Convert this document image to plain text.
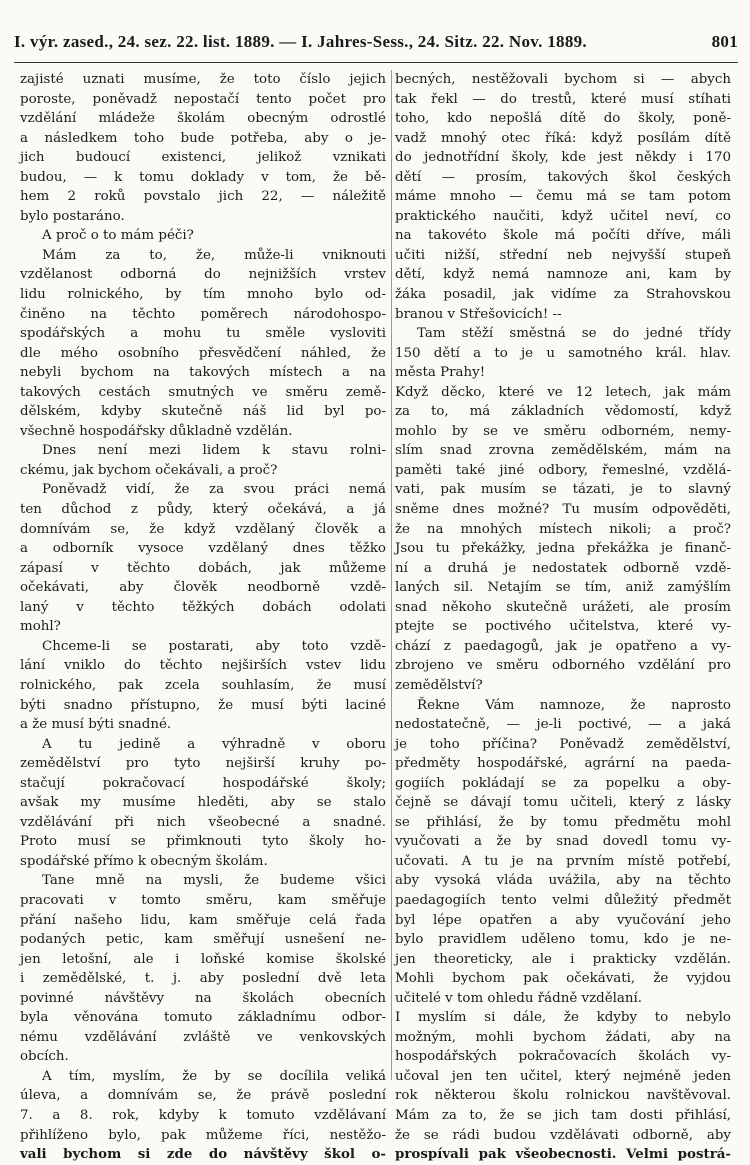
I. výr. zased., 24. sez. 22. list. 1889. — I. Jahres-Sess., 24. Sitz. 22. Nov. 1889.	801
zajisté uznati musíme, že toto číslo jejich
poroste, poněvadž nepostačí tento počet pro
vzdělání mládeže školám obecným odrostlé
a následkem toho bude potřeba, aby o je-
jich budoucí existenci, jelikož vznikati
budou, — k tomu doklady v tom, že bě-
hem 2 roků povstalo jich 22, — náležitě
bylo postaráno.
A proč o to mám péči?
Mám za to, že, může-li vniknouti
vzdělanost odborná do nejnižších vrstev
lidu rolnického, by tím mnoho bylo od-
činěno na těchto poměrech národohospo-
spodářských a mohu tu směle vysloviti
dle mého osobního přesvědčení náhled, že
nebyli bychom na takových místech a na
takových cestách smutných ve směru země-
dělském, kdyby skutečně náš lid byl po-
všechně hospodářsky důkladně vzdělán.
Dnes není mezi lidem k stavu rolni-
ckému, jak bychom očekávali, a proč?
Poněvadž vidí, že za svou práci nemá
ten důchod z půdy, který očekává, a já
domnívám se, že když vzdělaný člověk a
a odborník vysoce vzdělaný dnes těžko
zápasí v těchto dobách, jak můžeme
očekávati, aby člověk neodborně vzdě-
laný v těchto těžkých dobách odolati
mohl?
Chceme-li se postarati, aby toto vzdě-
lání vniklo do těchto nejširších vstev lidu
rolnického, pak zcela souhlasím, že musí
býti snadno přístupno, že musí býti laciné
a že musí býti snadné.
A tu jedině a výhradně v oboru
zemědělství pro tyto nejširší kruhy po-
stačují pokračovací hospodářské školy;
avšak my musíme hleděti, aby se stalo
vzdělávání při nich všeobecné a snadné.
Proto musí se přimknouti tyto školy ho-
spodářské přímo k obecným školám.
Tane mně na mysli, že budeme všici
pracovati v tomto směru, kam směřuje
přání našeho lidu, kam směřuje celá řada
podaných petic, kam směřují usnešení ne-
jen letošní, ale i loňské komise školské
i zemědělské, t. j. aby poslední dvě leta
povinné návštěvy na školách obecních
byla věnována tomuto základnímu odbor-
nému vzdělávání zvláště ve venkovských
obcích.
A tím, myslím, že by se docílila veliká
úleva, a domnívám se, že právě poslední
7. a 8. rok, kdyby k tomuto vzdělávaní
přihlíženo bylo, pak můžeme říci, nestěžo-
vali bychom si zde do návštěvy škol o-
becných, nestěžovali bychom si — abych
tak řekl — do trestů, které musí stíhati
toho, kdo nepošlá dítě do školy, poně-
vadž mnohý otec říká: když posílám dítě
do jednotřídní školy, kde jest někdy i 170
dětí — prosím, takových škol českých
máme mnoho — čemu má se tam potom
praktického naučiti, když učitel neví, co
na takovéto škole má počíti dříve, máli
učiti nižší, střední neb nejvyšší stupeň
dětí, když nemá namnoze ani, kam by
žáka posadil, jak vidíme za Strahovskou
branou v Střešovicích! --
Tam stěží směstná se do jedné třídy
150 dětí a to je u samotného král. hlav.
města Prahy!
Když děcko, které ve 12 letech, jak mám
za to, má základních vědomostí, když
mohlo by se ve směru odborném, nemy-
slím snad zrovna zemědělském, mám na
paměti také jiné odbory, řemeslné, vzdělá-
vati, pak musím se tázati, je to slavný
sněme dnes možné? Tu musím odpověděti,
že na mnohých místech nikoli; a proč?
Jsou tu překážky, jedna překážka je finanč-
ní a druhá je nedostatek odborně vzdě-
laných sil. Netajím se tím, aniž zamýšlím
snad někoho skutečně urážeti, ale prosím
ptejte se poctivého učitelstva, které vy-
chází z paedagogů, jak je opatřeno a vy-
zbrojeno ve směru odborného vzdělání pro
zemědělství?
Řekne Vám namnoze, že naprosto
nedostatečně, — je-li poctivé, — a jaká
je toho příčina? Poněvadž zemědělství,
předměty hospodářské, agrární na paeda-
gogiích pokládají se za popelku a oby-
čejně se dávají tomu učiteli, který z lásky
se přihlásí, že by tomu předmětu mohl
vyučovati a že by snad dovedl tomu vy-
učovati. A tu je na prvním místě potřebí,
aby vysoká vláda uvážila, aby na těchto
paedagogiích tento velmi důležitý předmět
byl lépe opatřen a aby vyučování jeho
bylo pravidlem uděleno tomu, kdo je ne-
jen theoreticky, ale i prakticky vzdělán.
Mohli bychom pak očekávati, že vyjdou
učitelé v tom ohledu řádně vzdělaní.
I myslím si dále, že kdyby to nebylo
možným, mohli bychom žádati, aby na
hospodářských pokračovacích školách vy-
učoval jen ten učitel, který nejméně jeden
rok některou školu rolnickou navštěvoval.
Mám za to, že se jich tam dosti přihlásí,
že se rádi budou vzdělávati odborně, aby
prospívali pak všeobecnosti. Velmi postrá-
